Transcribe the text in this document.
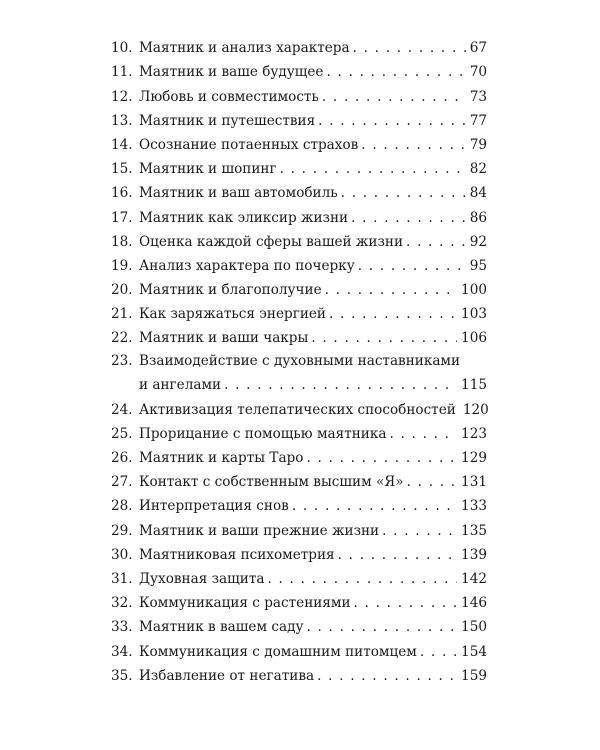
10. Маятник и анализ характера . . .	67
11. Маятник и ваше будущее . . .	70
12. Любовь и совместимость . . .	73
13. Маятник и путешествия . . .	77
14. Осознание потаенных страхов . . .	79
15. Маятник и шопинг . . .	82
16. Маятник и ваш автомобиль . . .	84
17. Маятник как эликсир жизни . . .	86
18. Оценка каждой сферы вашей жизни . . .	92
19. Анализ характера по почерку . . .	95
20. Маятник и благополучие . . .	100
21. Как заряжаться энергией . . .	103
22. Маятник и ваши чакры . . .	106
23. Взаимодействие с духовными наставниками
и ангелами . . .	115
24. Активизация телепатических способностей 120
25. Прорицание с помощью маятника . . .	123
26. Маятник и карты Таро . . .	129
27. Контакт с собственным высшим «Я» . . .	131
28. Интерпретация снов . . .	133
29. Маятник и ваши прежние жизни . . .	135
30. Маятниковая психометрия . . .	139
31. Духовная защита . . .	142
32. Коммуникация с растениями . . .	146
33. Маятник в вашем саду . . .	150
34. Коммуникация с домашним питомцем . . .	154
35. Избавление от негатива . . .	159
